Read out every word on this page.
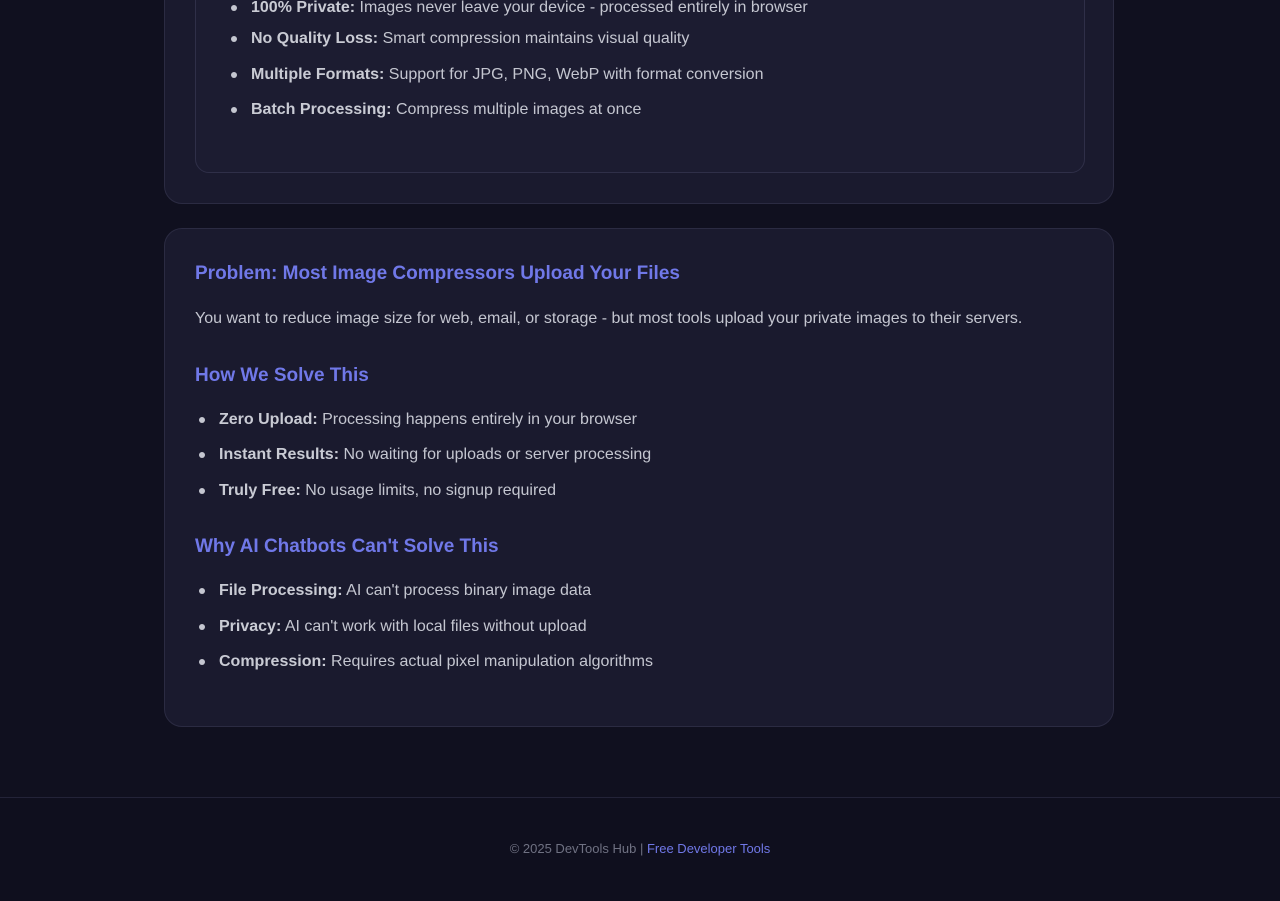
100% Private: Images never leave your device - processed entirely in browser
No Quality Loss: Smart compression maintains visual quality
Multiple Formats: Support for JPG, PNG, WebP with format conversion
Batch Processing: Compress multiple images at once
Problem: Most Image Compressors Upload Your Files

You want to reduce image size for web, email, or storage - but most tools upload your private images to their servers.

How We Solve This
Zero Upload: Processing happens entirely in your browser
Instant Results: No waiting for uploads or server processing
Truly Free: No usage limits, no signup required
Why AI Chatbots Can't Solve This
File Processing: AI can't process binary image data
Privacy: AI can't work with local files without upload
Compression: Requires actual pixel manipulation algorithms
© 2025 DevTools Hub | Free Developer Tools
